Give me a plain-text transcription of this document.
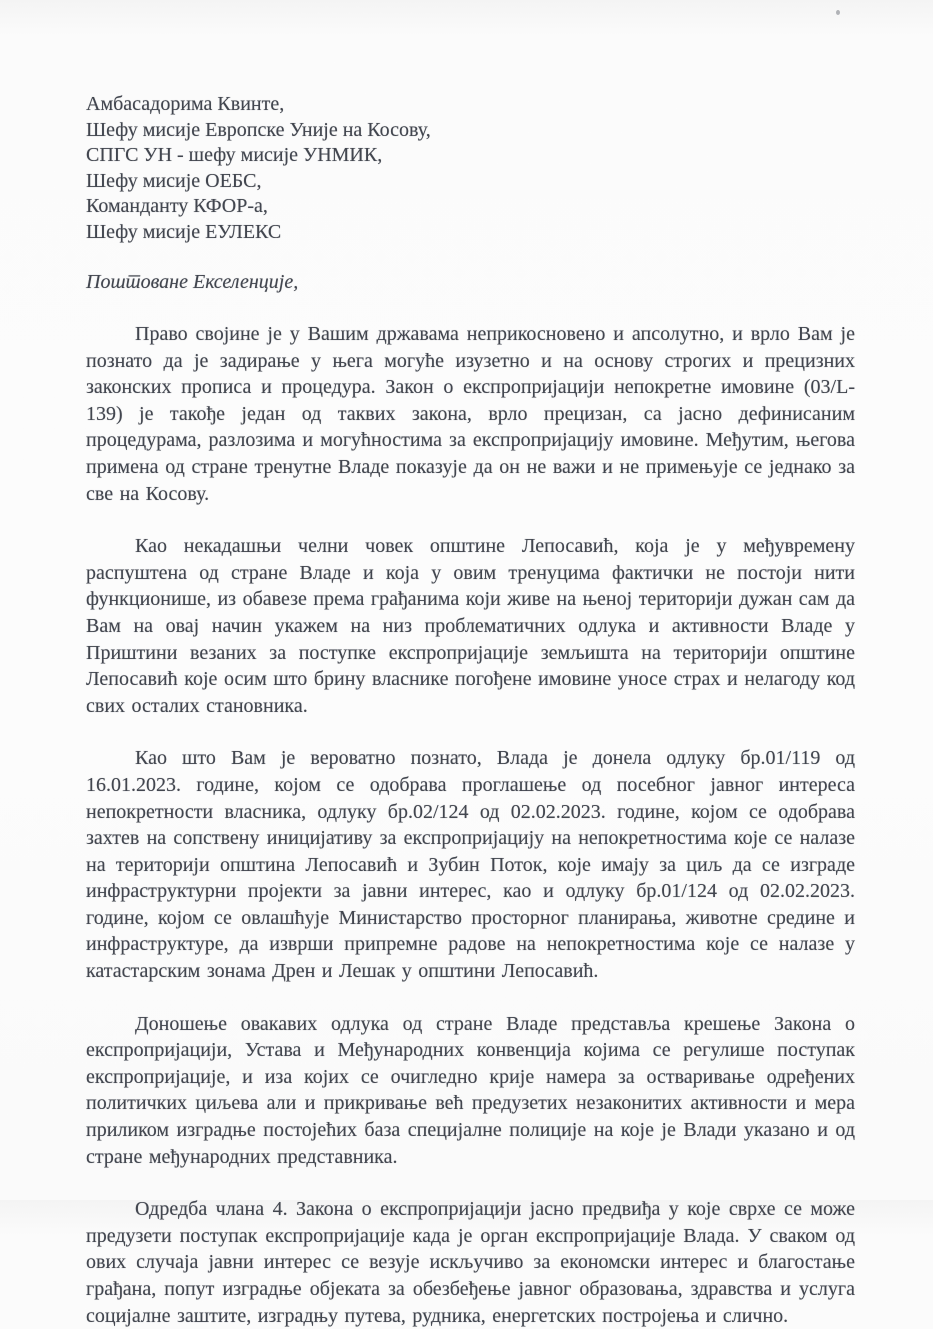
Амбасадорима Квинте,
Шефу мисије Европске Уније на Косову,
СПГС УН - шефу мисије УНМИК,
Шефу мисије ОЕБС,
Команданту КФОР-а,
Шефу мисије ЕУЛЕКС
Поштоване Екселенције,

Право својине је у Вашим државама неприкосновено и апсолутно, и врло Вам је познато да је задирање у њега могуће изузетно и на основу строгих и прецизних законских прописа и процедура. Закон о експропријацији непокретне имовине (03/L-139) је такође један од таквих закона, врло прецизан, са јасно дефинисаним процедурама, разлозима и могућностима за експропријацију имовине. Међутим, његова примена од стране тренутне Владе показује да он не важи и не примењује се једнако за све на Косову.

Као некадашњи челни човек општине Лепосавић, која је у међувремену распуштена од стране Владе и која у овим тренуцима фактички не постоји нити функционише, из обавезе према грађанима који живе на њеној територији дужан сам да Вам на овај начин укажем на низ проблематичних одлука и активности Владе у Приштини везаних за поступке експропријације земљишта на територији општине Лепосавић које осим што брину власнике погођене имовине уносе страх и нелагоду код свих осталих становника.

Као што Вам је вероватно познато, Влада је донела одлуку бр.01/119 од 16.01.2023. године, којом се одобрава проглашење од посебног јавног интереса непокретности власника, одлуку бр.02/124 од 02.02.2023. године, којом се одобрава захтев на сопствену иницијативу за експропријацију на непокретностима које се налазе на територији општина Лепосавић и Зубин Поток, које имају за циљ да се изграде инфраструктурни пројекти за јавни интерес, као и одлуку бр.01/124 од 02.02.2023. године, којом се овлашћује Министарство просторног планирања, животне средине и инфраструктуре, да изврши припремне радове на непокретностима које се налазе у катастарским зонама Дрен и Лешак у општини Лепосавић.

Доношење овакавих одлука од стране Владе представља крешење Закона о експропријацији, Устава и Међународних конвенција којима се регулише поступак експропријације, и иза којих се очигледно крије намера за остваривање одређених политичких циљева али и прикривање већ предузетих незаконитих активности и мера приликом изградње постојећих база специјалне полиције на које је Влади указано и од стране међународних представника.

Одредба члана 4. Закона о експропријацији јасно предвиђа у које сврхе се може предузети поступак експропријације када је орган експропријације Влада. У сваком од ових случаја јавни интерес се везује искључиво за економски интерес и благостање грађана, попут изградње објеката за обезбеђење јавног образовања, здравства и услуга социјалне заштите, изградњу путева, рудника, енергетских постројења и слично.
